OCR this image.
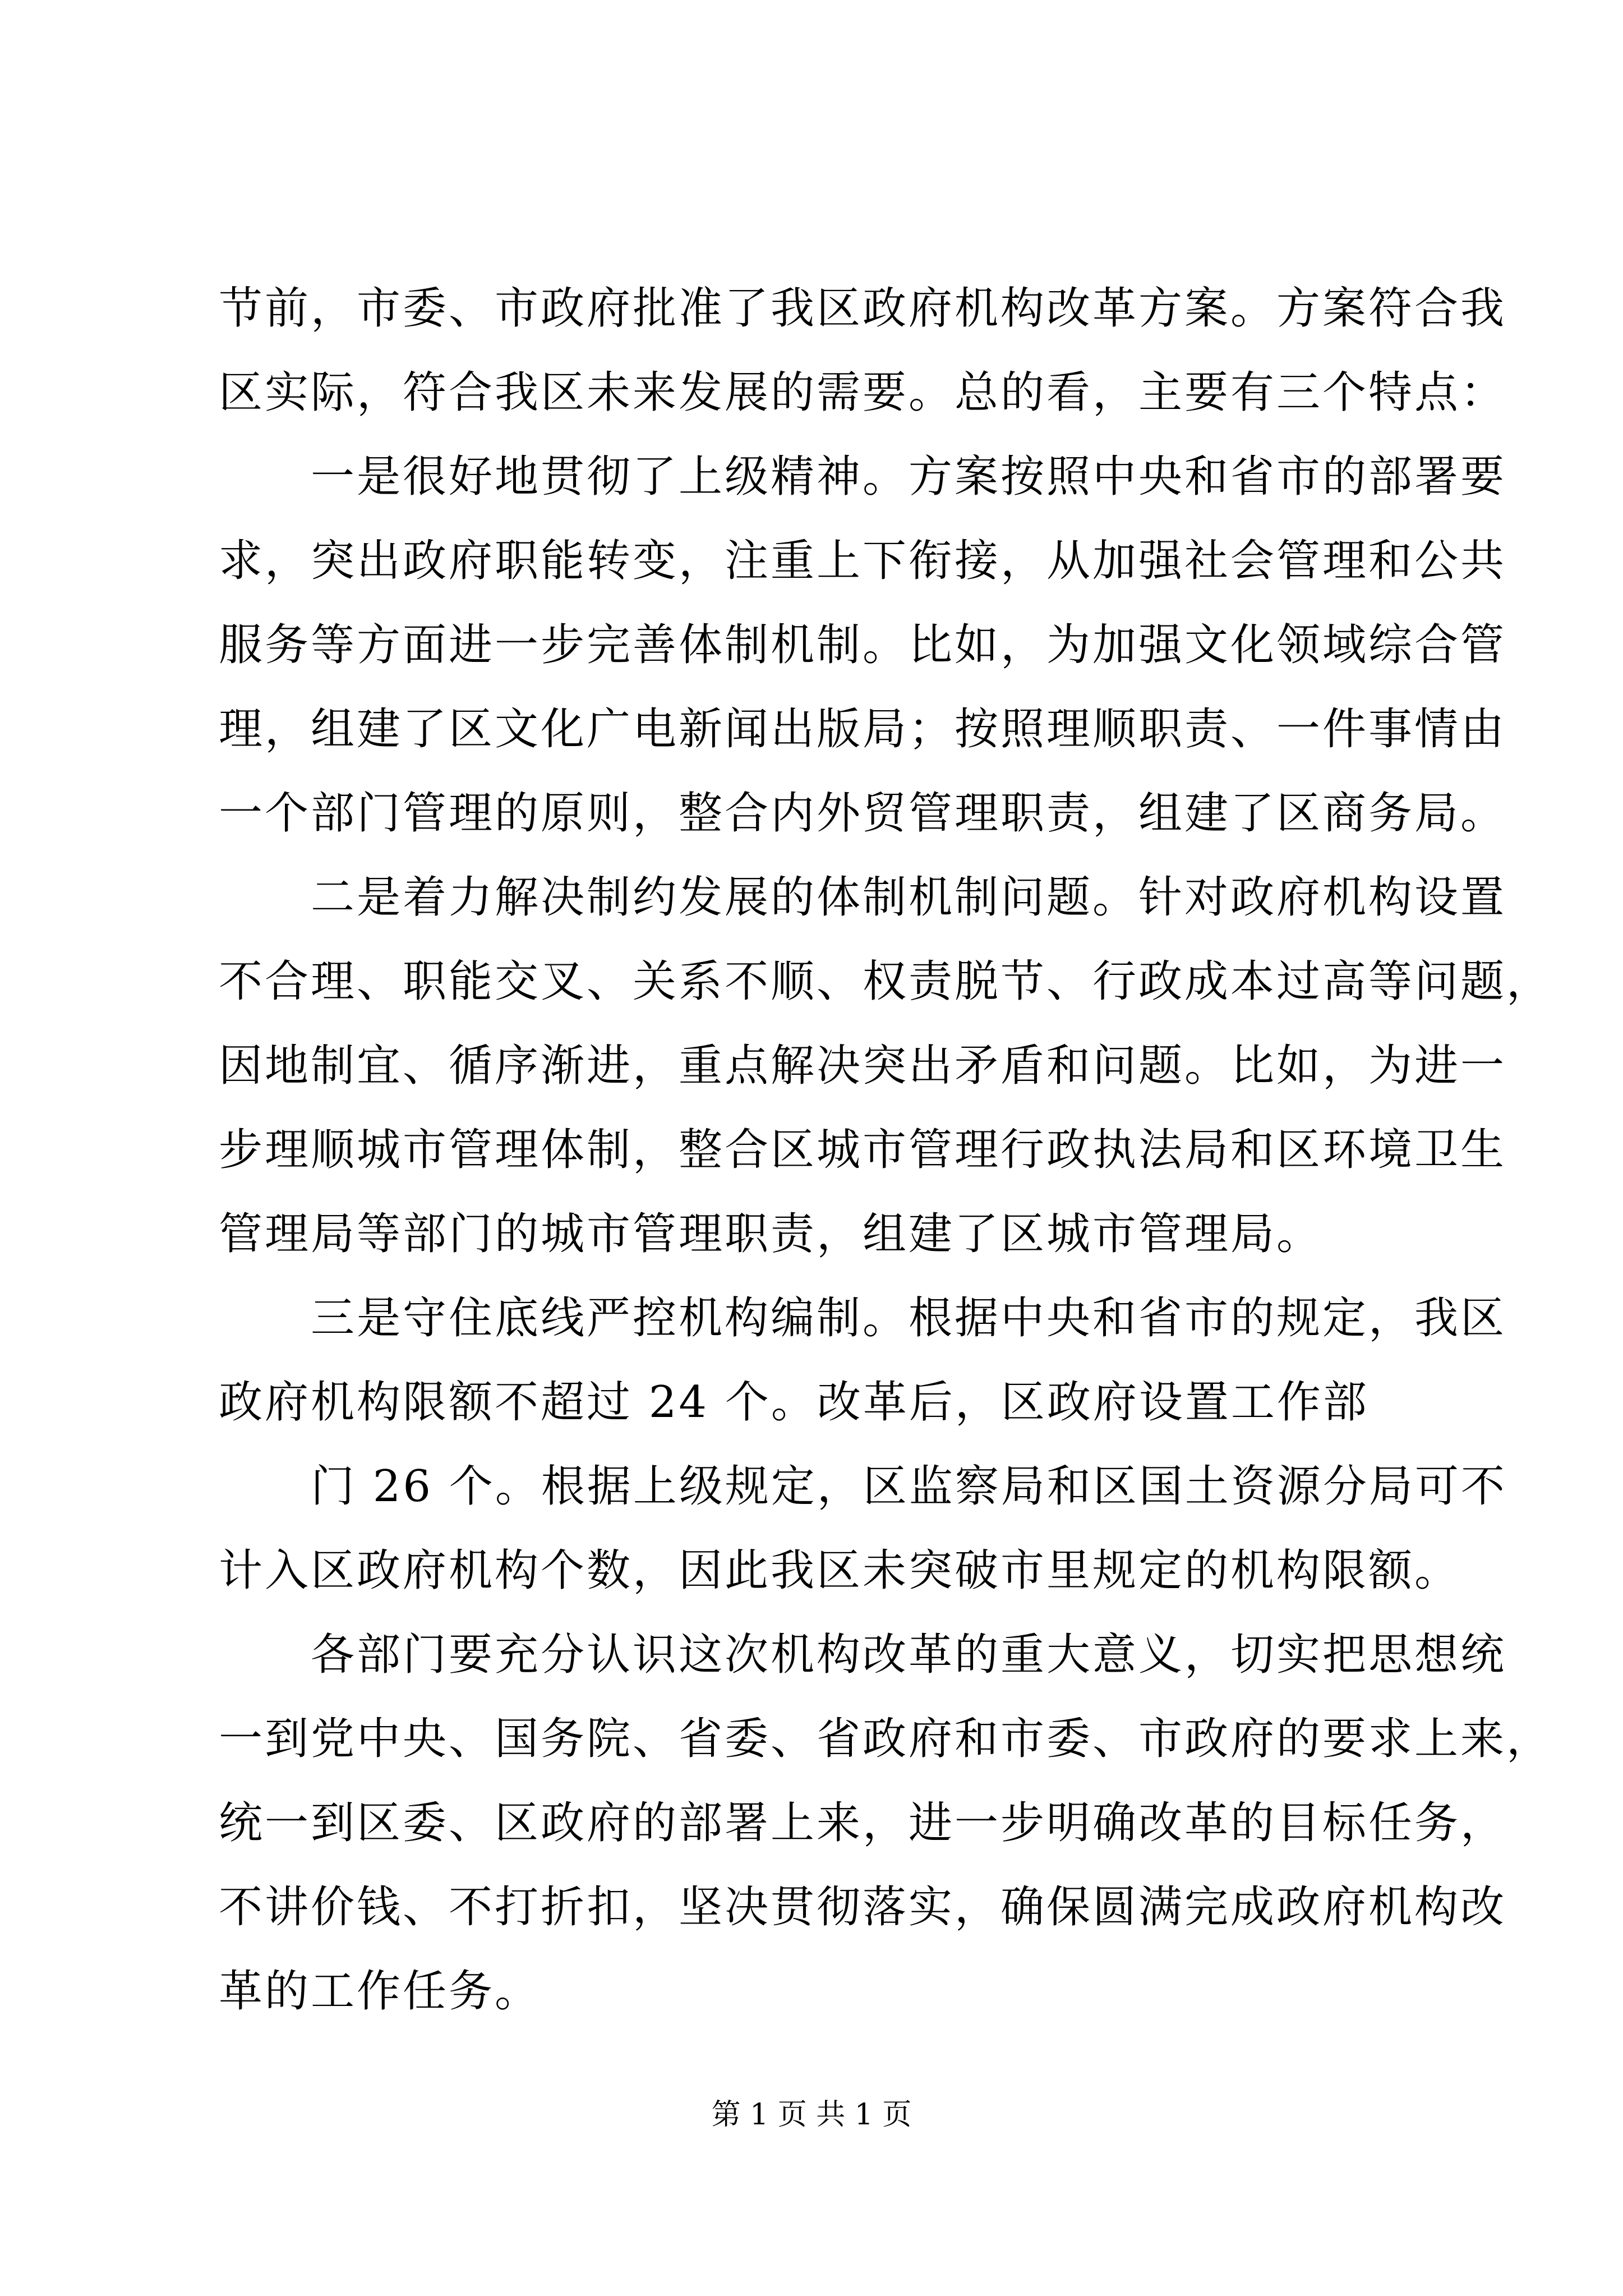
节前，市委、市政府批准了我区政府机构改革方案。方案符合我
区实际，符合我区未来发展的需要。总的看，主要有三个特点：
一是很好地贯彻了上级精神。方案按照中央和省市的部署要
求，突出政府职能转变，注重上下衔接，从加强社会管理和公共
服务等方面进一步完善体制机制。比如，为加强文化领域综合管
理，组建了区文化广电新闻出版局；按照理顺职责、一件事情由
一个部门管理的原则，整合内外贸管理职责，组建了区商务局。
二是着力解决制约发展的体制机制问题。针对政府机构设置
不合理、职能交叉、关系不顺、权责脱节、行政成本过高等问题，
因地制宜、循序渐进，重点解决突出矛盾和问题。比如，为进一
步理顺城市管理体制，整合区城市管理行政执法局和区环境卫生
管理局等部门的城市管理职责，组建了区城市管理局。
三是守住底线严控机构编制。根据中央和省市的规定，我区
政府机构限额不超过 24 个。改革后，区政府设置工作部
门 26 个。根据上级规定，区监察局和区国土资源分局可不
计入区政府机构个数，因此我区未突破市里规定的机构限额。
各部门要充分认识这次机构改革的重大意义，切实把思想统
一到党中央、国务院、省委、省政府和市委、市政府的要求上来，
统一到区委、区政府的部署上来，进一步明确改革的目标任务，
不讲价钱、不打折扣，坚决贯彻落实，确保圆满完成政府机构改
革的工作任务。
第 1 页 共 1 页
